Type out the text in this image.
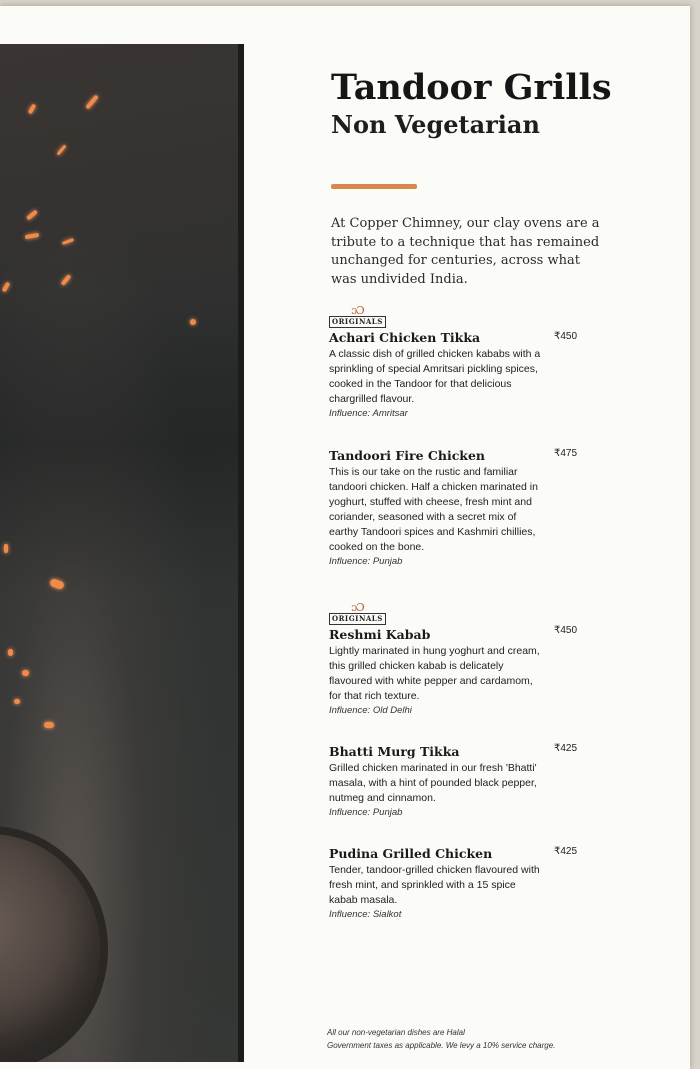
Tandoor Grills
Non Vegetarian
At Copper Chimney, our clay ovens are a tribute to a technique that has remained unchanged for centuries, across what was undivided India.
ɔƆ
ORIGINALS
Achari Chicken Tikka
A classic dish of grilled chicken kababs with a sprinkling of special Amritsari pickling spices, cooked in the Tandoor for that delicious chargrilled flavour.
Influence: Amritsar
₹450
Tandoori Fire Chicken
This is our take on the rustic and familiar tandoori chicken. Half a chicken marinated in yoghurt, stuffed with cheese, fresh mint and coriander, seasoned with a secret mix of earthy Tandoori spices and Kashmiri chillies, cooked on the bone.
Influence: Punjab
₹475
ɔƆ
ORIGINALS
Reshmi Kabab
Lightly marinated in hung yoghurt and cream, this grilled chicken kabab is delicately flavoured with white pepper and cardamom, for that rich texture.
Influence: Old Delhi
₹450
Bhatti Murg Tikka
Grilled chicken marinated in our fresh 'Bhatti' masala, with a hint of pounded black pepper, nutmeg and cinnamon.
Influence: Punjab
₹425
Pudina Grilled Chicken
Tender, tandoor-grilled chicken flavoured with fresh mint, and sprinkled with a 15 spice kabab masala.
Influence: Sialkot
₹425
All our non-vegetarian dishes are Halal
Government taxes as applicable. We levy a 10% service charge.
